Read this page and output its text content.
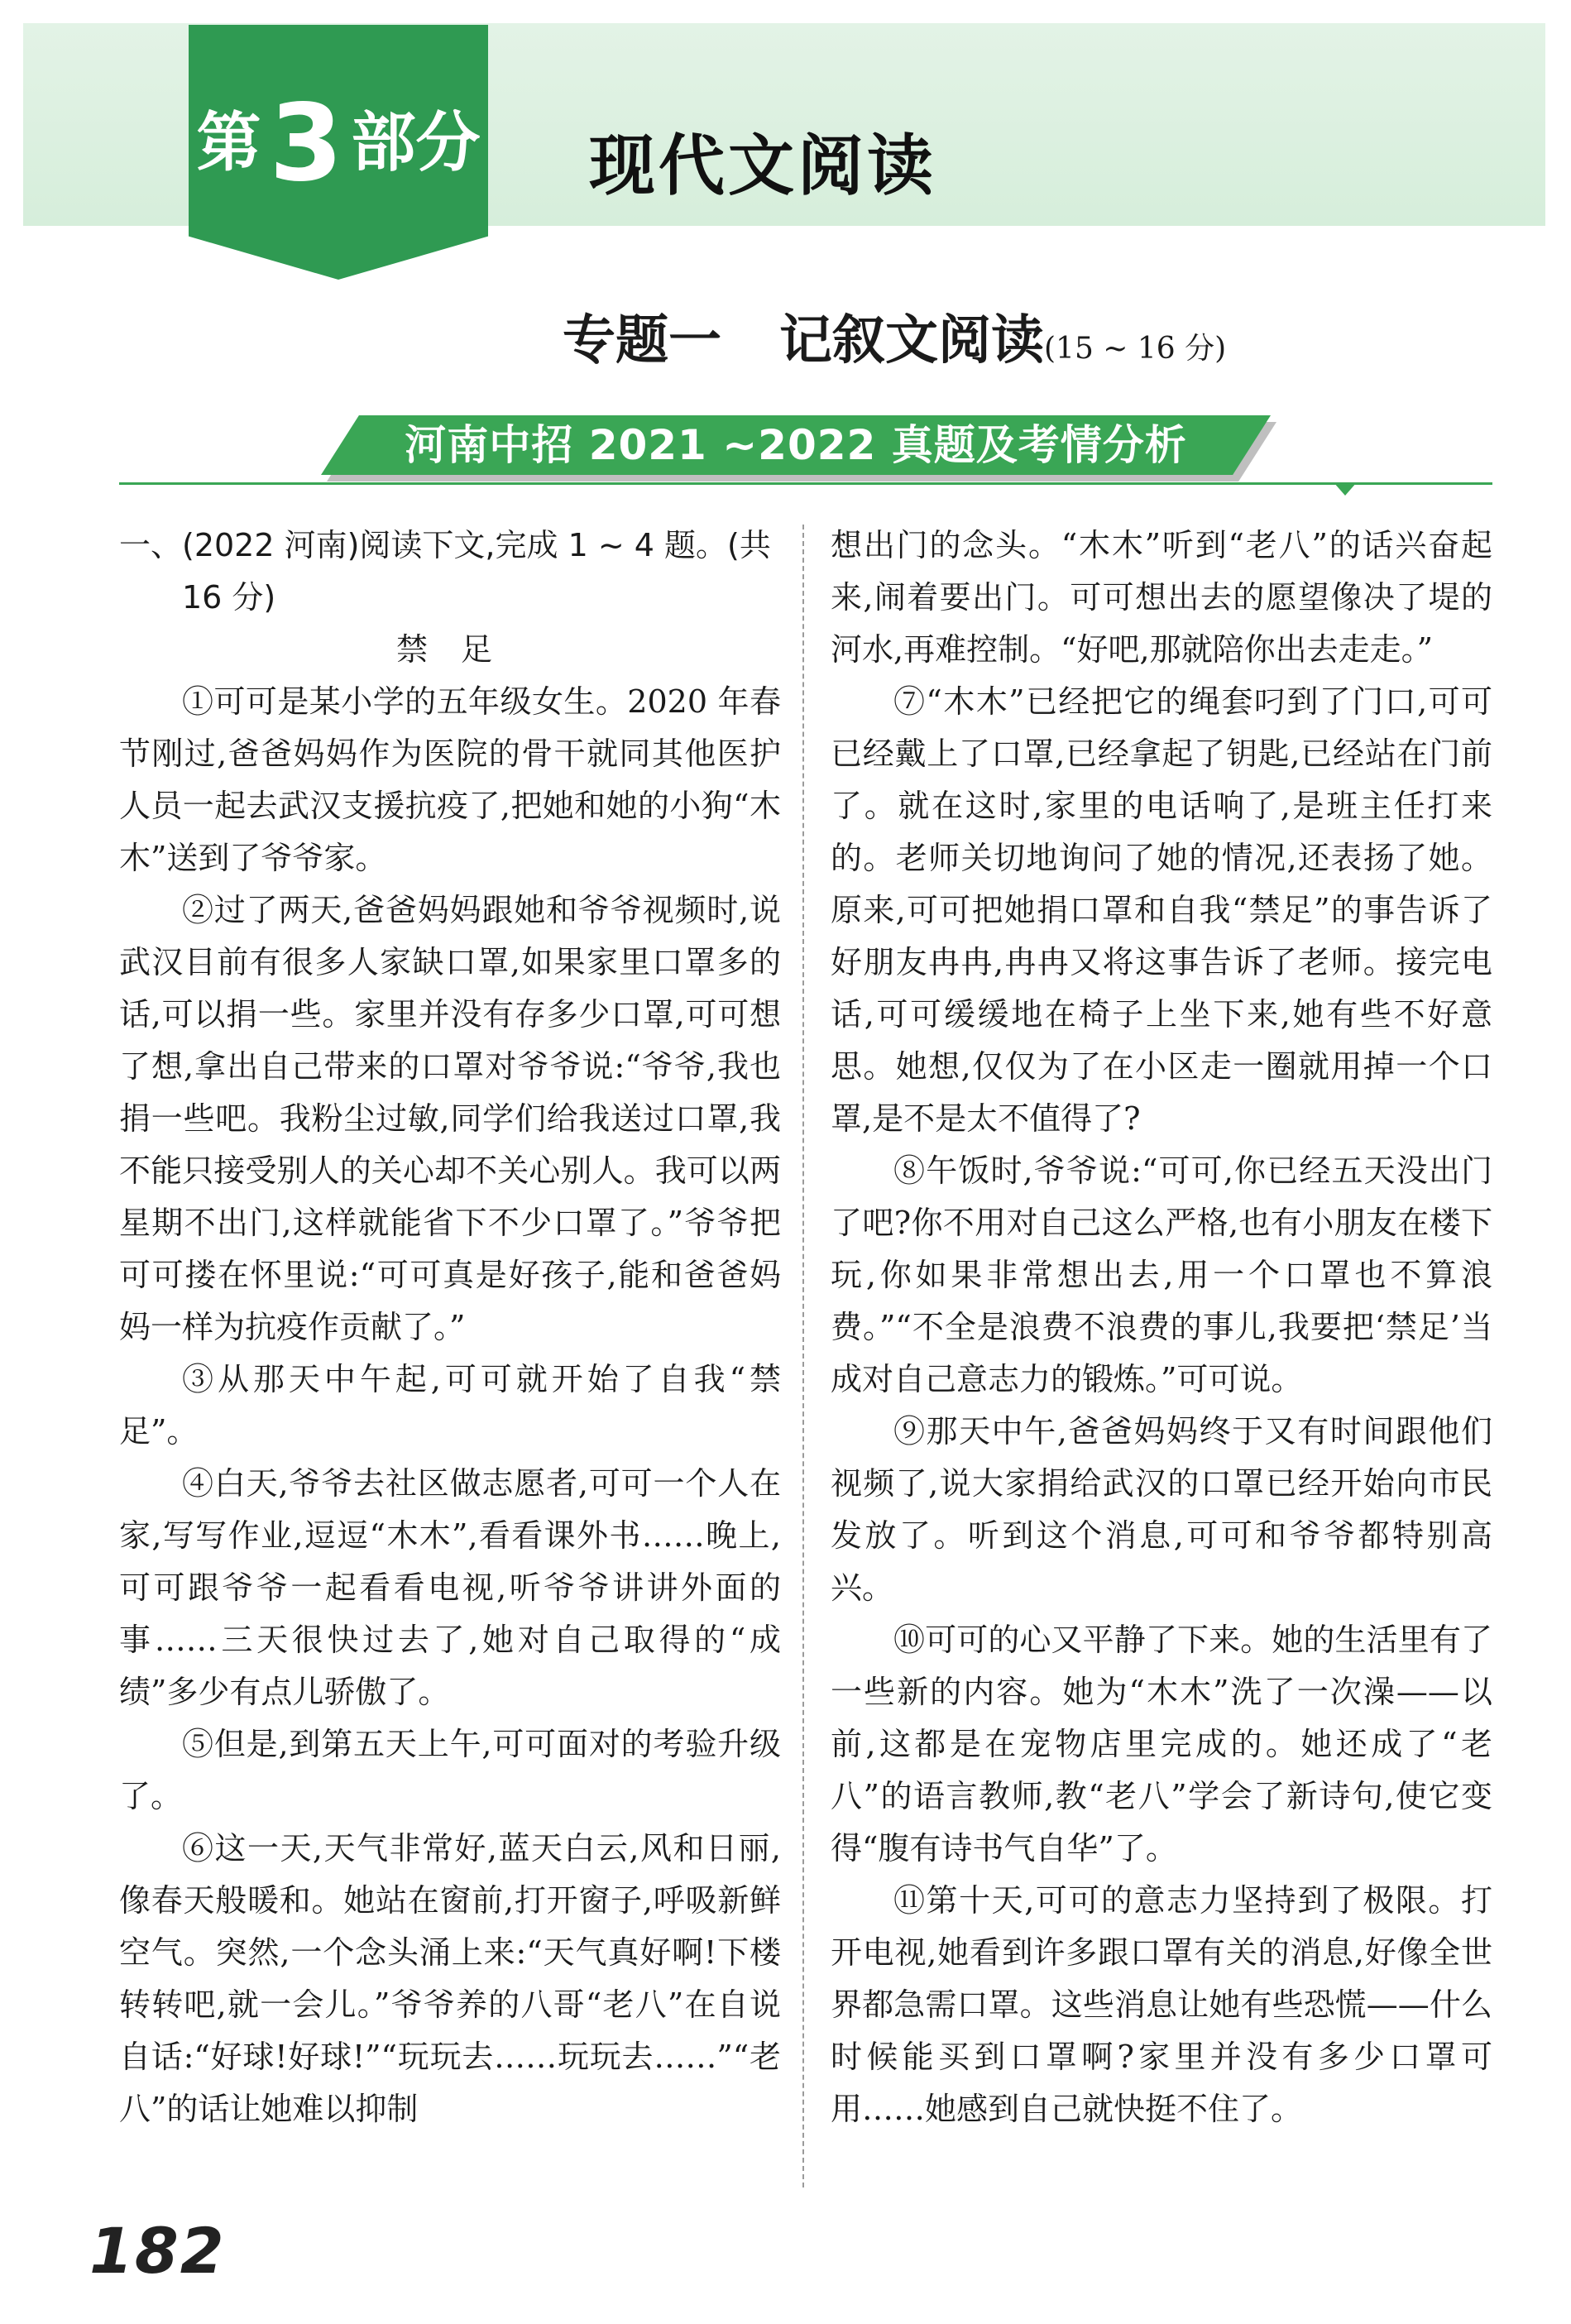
第3 部分 现代文阅读
专题一 记叙文阅读(15 ~ 16 分)
河南中招 2021 ~2022 真题及考情分析

一、(2022 河南)阅读下文,完成 1 ~ 4 题。(共

16 分)

禁 足

①可可是某小学的五年级女生。2020 年春节刚过,爸爸妈妈作为医院的骨干就同其他医护人员一起去武汉支援抗疫了,把她和她的小狗“木木”送到了爷爷家。

②过了两天,爸爸妈妈跟她和爷爷视频时,说武汉目前有很多人家缺口罩,如果家里口罩多的话,可以捐一些。家里并没有存多少口罩,可可想了想,拿出自己带来的口罩对爷爷说:“爷爷,我也捐一些吧。我粉尘过敏,同学们给我送过口罩,我不能只接受别人的关心却不关心别人。我可以两星期不出门,这样就能省下不少口罩了。”爷爷把可可搂在怀里说:“可可真是好孩子,能和爸爸妈妈一样为抗疫作贡献了。”

③从那天中午起,可可就开始了自我“禁足”。

④白天,爷爷去社区做志愿者,可可一个人在家,写写作业,逗逗“木木”,看看课外书……晚上,可可跟爷爷一起看看电视,听爷爷讲讲外面的事……三天很快过去了,她对自己取得的“成绩”多少有点儿骄傲了。

⑤但是,到第五天上午,可可面对的考验升级了。

⑥这一天,天气非常好,蓝天白云,风和日丽,像春天般暖和。她站在窗前,打开窗子,呼吸新鲜空气。突然,一个念头涌上来:“天气真好啊!下楼转转吧,就一会儿。”爷爷养的八哥“老八”在自说自话:“好球!好球!”“玩玩去……玩玩去……”“老八”的话让她难以抑制

想出门的念头。“木木”听到“老八”的话兴奋起来,闹着要出门。可可想出去的愿望像决了堤的河水,再难控制。“好吧,那就陪你出去走走。”

⑦“木木”已经把它的绳套叼到了门口,可可已经戴上了口罩,已经拿起了钥匙,已经站在门前了。就在这时,家里的电话响了,是班主任打来的。老师关切地询问了她的情况,还表扬了她。原来,可可把她捐口罩和自我“禁足”的事告诉了好朋友冉冉,冉冉又将这事告诉了老师。接完电话,可可缓缓地在椅子上坐下来,她有些不好意思。她想,仅仅为了在小区走一圈就用掉一个口罩,是不是太不值得了?

⑧午饭时,爷爷说:“可可,你已经五天没出门了吧?你不用对自己这么严格,也有小朋友在楼下玩,你如果非常想出去,用一个口罩也不算浪费。”“不全是浪费不浪费的事儿,我要把‘禁足’当成对自己意志力的锻炼。”可可说。

⑨那天中午,爸爸妈妈终于又有时间跟他们视频了,说大家捐给武汉的口罩已经开始向市民发放了。听到这个消息,可可和爷爷都特别高兴。

⑩可可的心又平静了下来。她的生活里有了一些新的内容。她为“木木”洗了一次澡——以前,这都是在宠物店里完成的。她还成了“老八”的语言教师,教“老八”学会了新诗句,使它变得“腹有诗书气自华”了。

⑪第十天,可可的意志力坚持到了极限。打开电视,她看到许多跟口罩有关的消息,好像全世界都急需口罩。这些消息让她有些恐慌——什么时候能买到口罩啊?家里并没有多少口罩可用……她感到自己就快挺不住了。

182
